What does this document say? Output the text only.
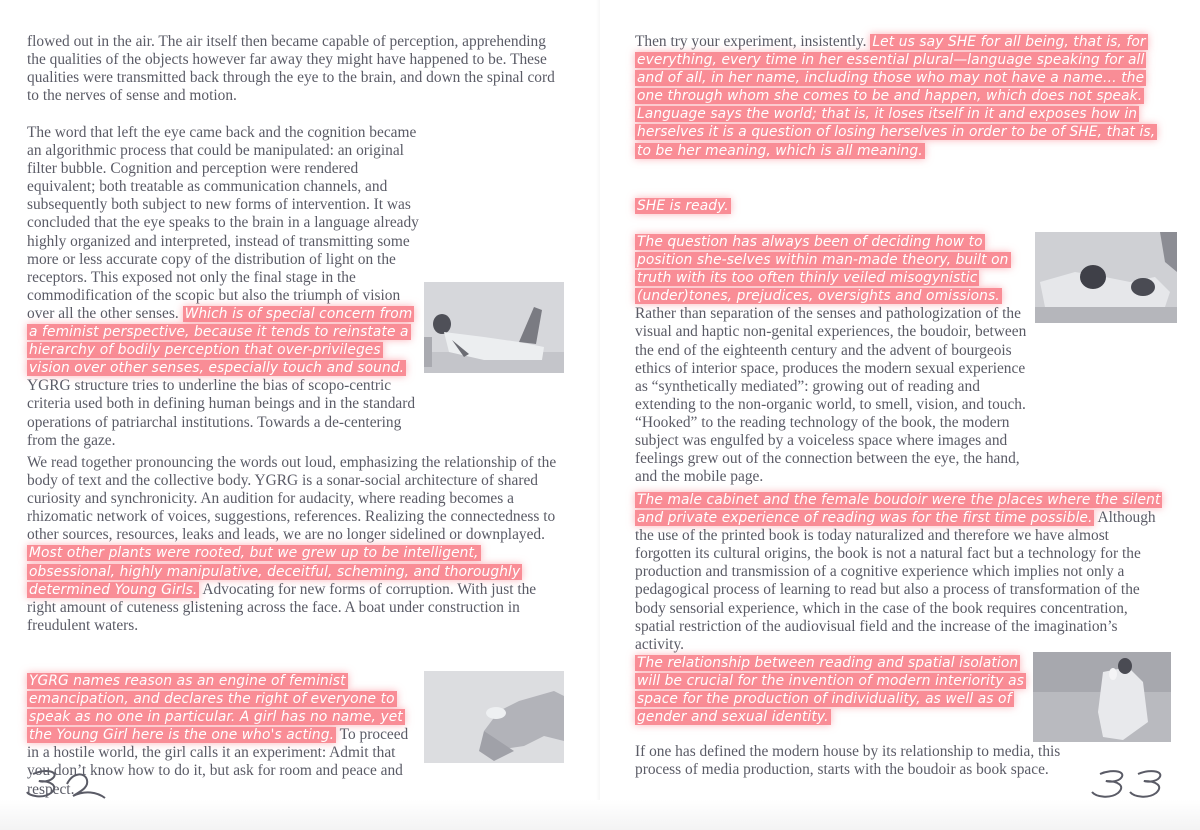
flowed out in the air. The air itself then became capable of perception, apprehending the qualities of the objects however far away they might have happened to be. These qualities were transmitted back through the eye to the brain, and down the spinal cord to the nerves of sense and motion.

The word that left the eye came back and the cognition became an algorithmic process that could be manipulated: an original filter bubble. Cognition and perception were rendered equivalent; both treatable as communication channels, and subsequently both subject to new forms of intervention. It was concluded that the eye speaks to the brain in a language already highly organized and interpreted, instead of transmitting some more or less accurate copy of the distribution of light on the receptors. This exposed not only the final stage in the commodification of the scopic but also the triumph of vision over all the other senses. Which is of special concern from a feminist perspective, because it tends to reinstate a hierarchy of bodily perception that over-privileges vision over other senses, especially touch and sound. YGRG structure tries to underline the bias of scopo-centric criteria used both in defining human beings and in the standard operations of patriarchal institutions. Towards a de-centering from the gaze.

We read together pronouncing the words out loud, emphasizing the relationship of the body of text and the collective body. YGRG is a sonar-social architecture of shared curiosity and synchronicity. An audition for audacity, where reading becomes a rhizomatic network of voices, suggestions, references. Realizing the connectedness to other sources, resources, leaks and leads, we are no longer sidelined or downplayed. Most other plants were rooted, but we grew up to be intelligent, obsessional, highly manipulative, deceitful, scheming, and thoroughly determined Young Girls. Advocating for new forms of corruption. With just the right amount of cuteness glistening across the face. A boat under construction in freudulent waters.

YGRG names reason as an engine of feminist emancipation, and declares the right of everyone to speak as no one in particular. A girl has no name, yet the Young Girl here is the one who's acting. To proceed in a hostile world, the girl calls it an experiment: Admit that you don’t know how to do it, but ask for room and peace and respect.

Then try your experiment, insistently. Let us say SHE for all being, that is, for everything, every time in her essential plural—language speaking for all and of all, in her name, including those who may not have a name… the one through whom she comes to be and happen, which does not speak. Language says the world; that is, it loses itself in it and exposes how in herselves it is a question of losing herselves in order to be of SHE, that is, to be her meaning, which is all meaning.

SHE is ready.

The question has always been of deciding how to position she-selves within man-made theory, built on truth with its too often thinly veiled misogynistic (under)tones, prejudices, oversights and omissions. Rather than separation of the senses and pathologization of the visual and haptic non-genital experiences, the boudoir, between the end of the eighteenth century and the advent of bourgeois ethics of interior space, produces the modern sexual experience as “synthetically mediated”: growing out of reading and extending to the non-organic world, to smell, vision, and touch. “Hooked” to the reading technology of the book, the modern subject was engulfed by a voiceless space where images and feelings grew out of the connection between the eye, the hand, and the mobile page.

The male cabinet and the female boudoir were the places where the silent and private experience of reading was for the first time possible. Although the use of the printed book is today naturalized and therefore we have almost forgotten its cultural origins, the book is not a natural fact but a technology for the production and transmission of a cognitive experience which implies not only a pedagogical process of learning to read but also a process of transformation of the body sensorial experience, which in the case of the book requires concentration, spatial restriction of the audiovisual field and the increase of the imagination’s activity.

The relationship between reading and spatial isolation will be crucial for the invention of modern interiority as space for the production of individuality, as well as of gender and sexual identity.

If one has defined the modern house by its relationship to media, this process of media production, starts with the boudoir as book space.
